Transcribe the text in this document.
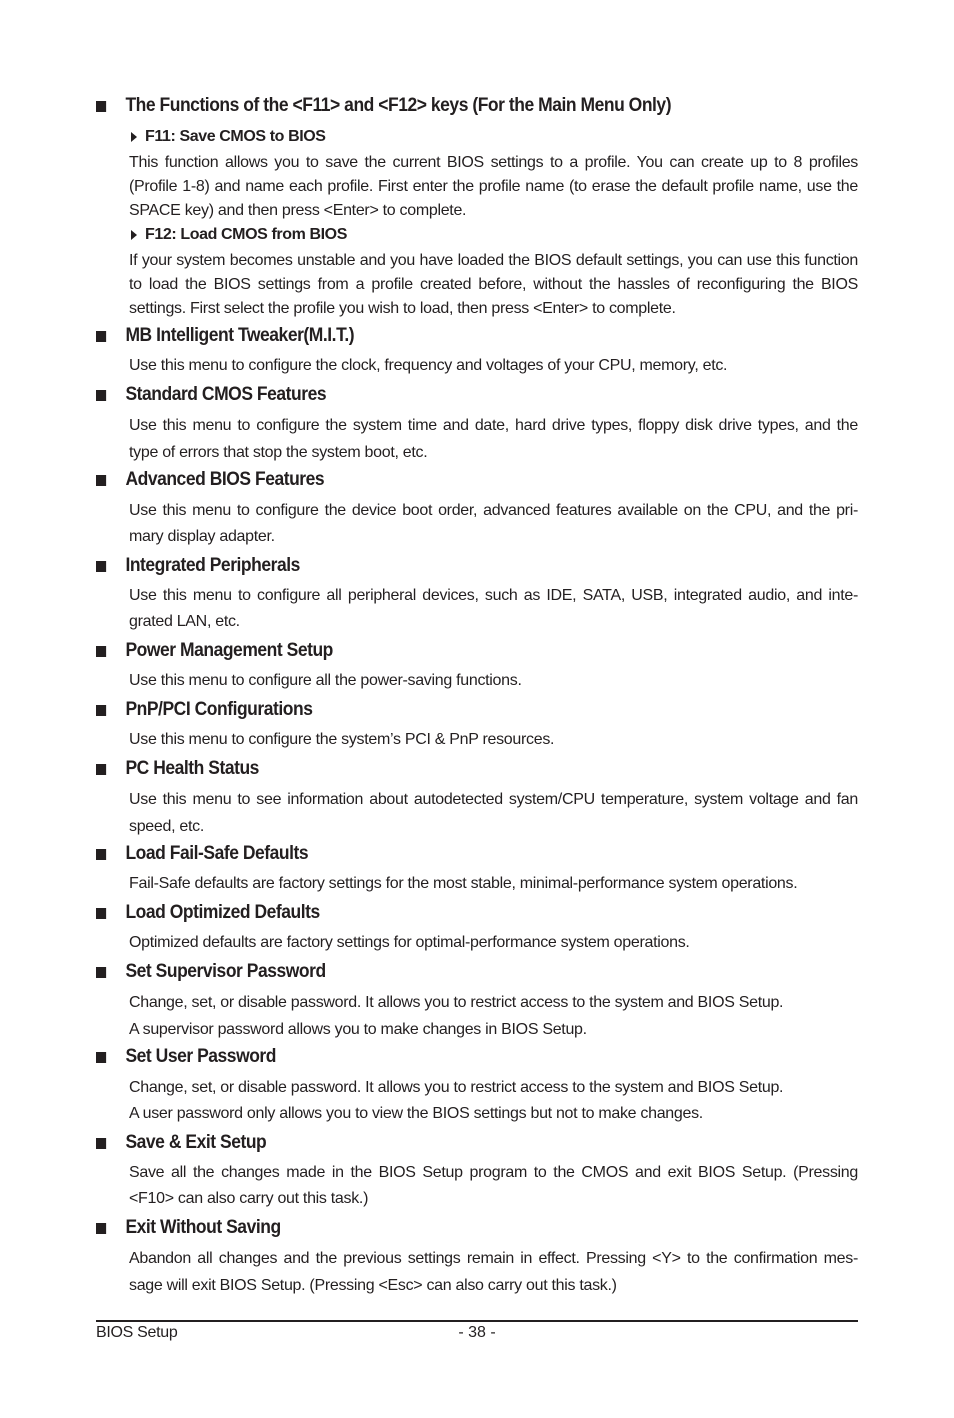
The Functions of the <F11> and <F12> keys (For the Main Menu Only)
F11: Save CMOS to BIOS
This function allows you to save the current BIOS settings to a profile. You can create up to 8 profiles (Profile 1-8) and name each profile. First enter the profile name (to erase the default profile name, use the SPACE key) and then press <Enter> to complete.
F12: Load CMOS from BIOS
If your system becomes unstable and you have loaded the BIOS default settings, you can use this function to load the BIOS settings from a profile created before, without the hassles of reconfiguring the BIOS settings. First select the profile you wish to load, then press <Enter> to complete.
MB Intelligent Tweaker(M.I.T.)
Use this menu to configure the clock, frequency and voltages of your CPU, memory, etc.
Standard CMOS Features
Use this menu to configure the system time and date, hard drive types, floppy disk drive types, and the
type of errors that stop the system boot, etc.
Advanced BIOS Features
Use this menu to configure the device boot order, advanced features available on the CPU, and the pri-
mary display adapter.
Integrated Peripherals
Use this menu to configure all peripheral devices, such as IDE, SATA, USB, integrated audio, and inte-
grated LAN, etc.
Power Management Setup
Use this menu to configure all the power-saving functions.
PnP/PCI Configurations
Use this menu to configure the system’s PCI & PnP resources.
PC Health Status
Use this menu to see information about autodetected system/CPU temperature, system voltage and fan
speed, etc.
Load Fail-Safe Defaults
Fail-Safe defaults are factory settings for the most stable, minimal-performance system operations.
Load Optimized Defaults
Optimized defaults are factory settings for optimal-performance system operations.
Set Supervisor Password
Change, set, or disable password. It allows you to restrict access to the system and BIOS Setup.
A supervisor password allows you to make changes in BIOS Setup.
Set User Password
Change, set, or disable password. It allows you to restrict access to the system and BIOS Setup.
A user password only allows you to view the BIOS settings but not to make changes.
Save & Exit Setup
Save all the changes made in the BIOS Setup program to the CMOS and exit BIOS Setup. (Pressing
<F10> can also carry out this task.)
Exit Without Saving
Abandon all changes and the previous settings remain in effect. Pressing <Y> to the confirmation mes-
sage will exit BIOS Setup. (Pressing <Esc> can also carry out this task.)
BIOS Setup	- 38 -
